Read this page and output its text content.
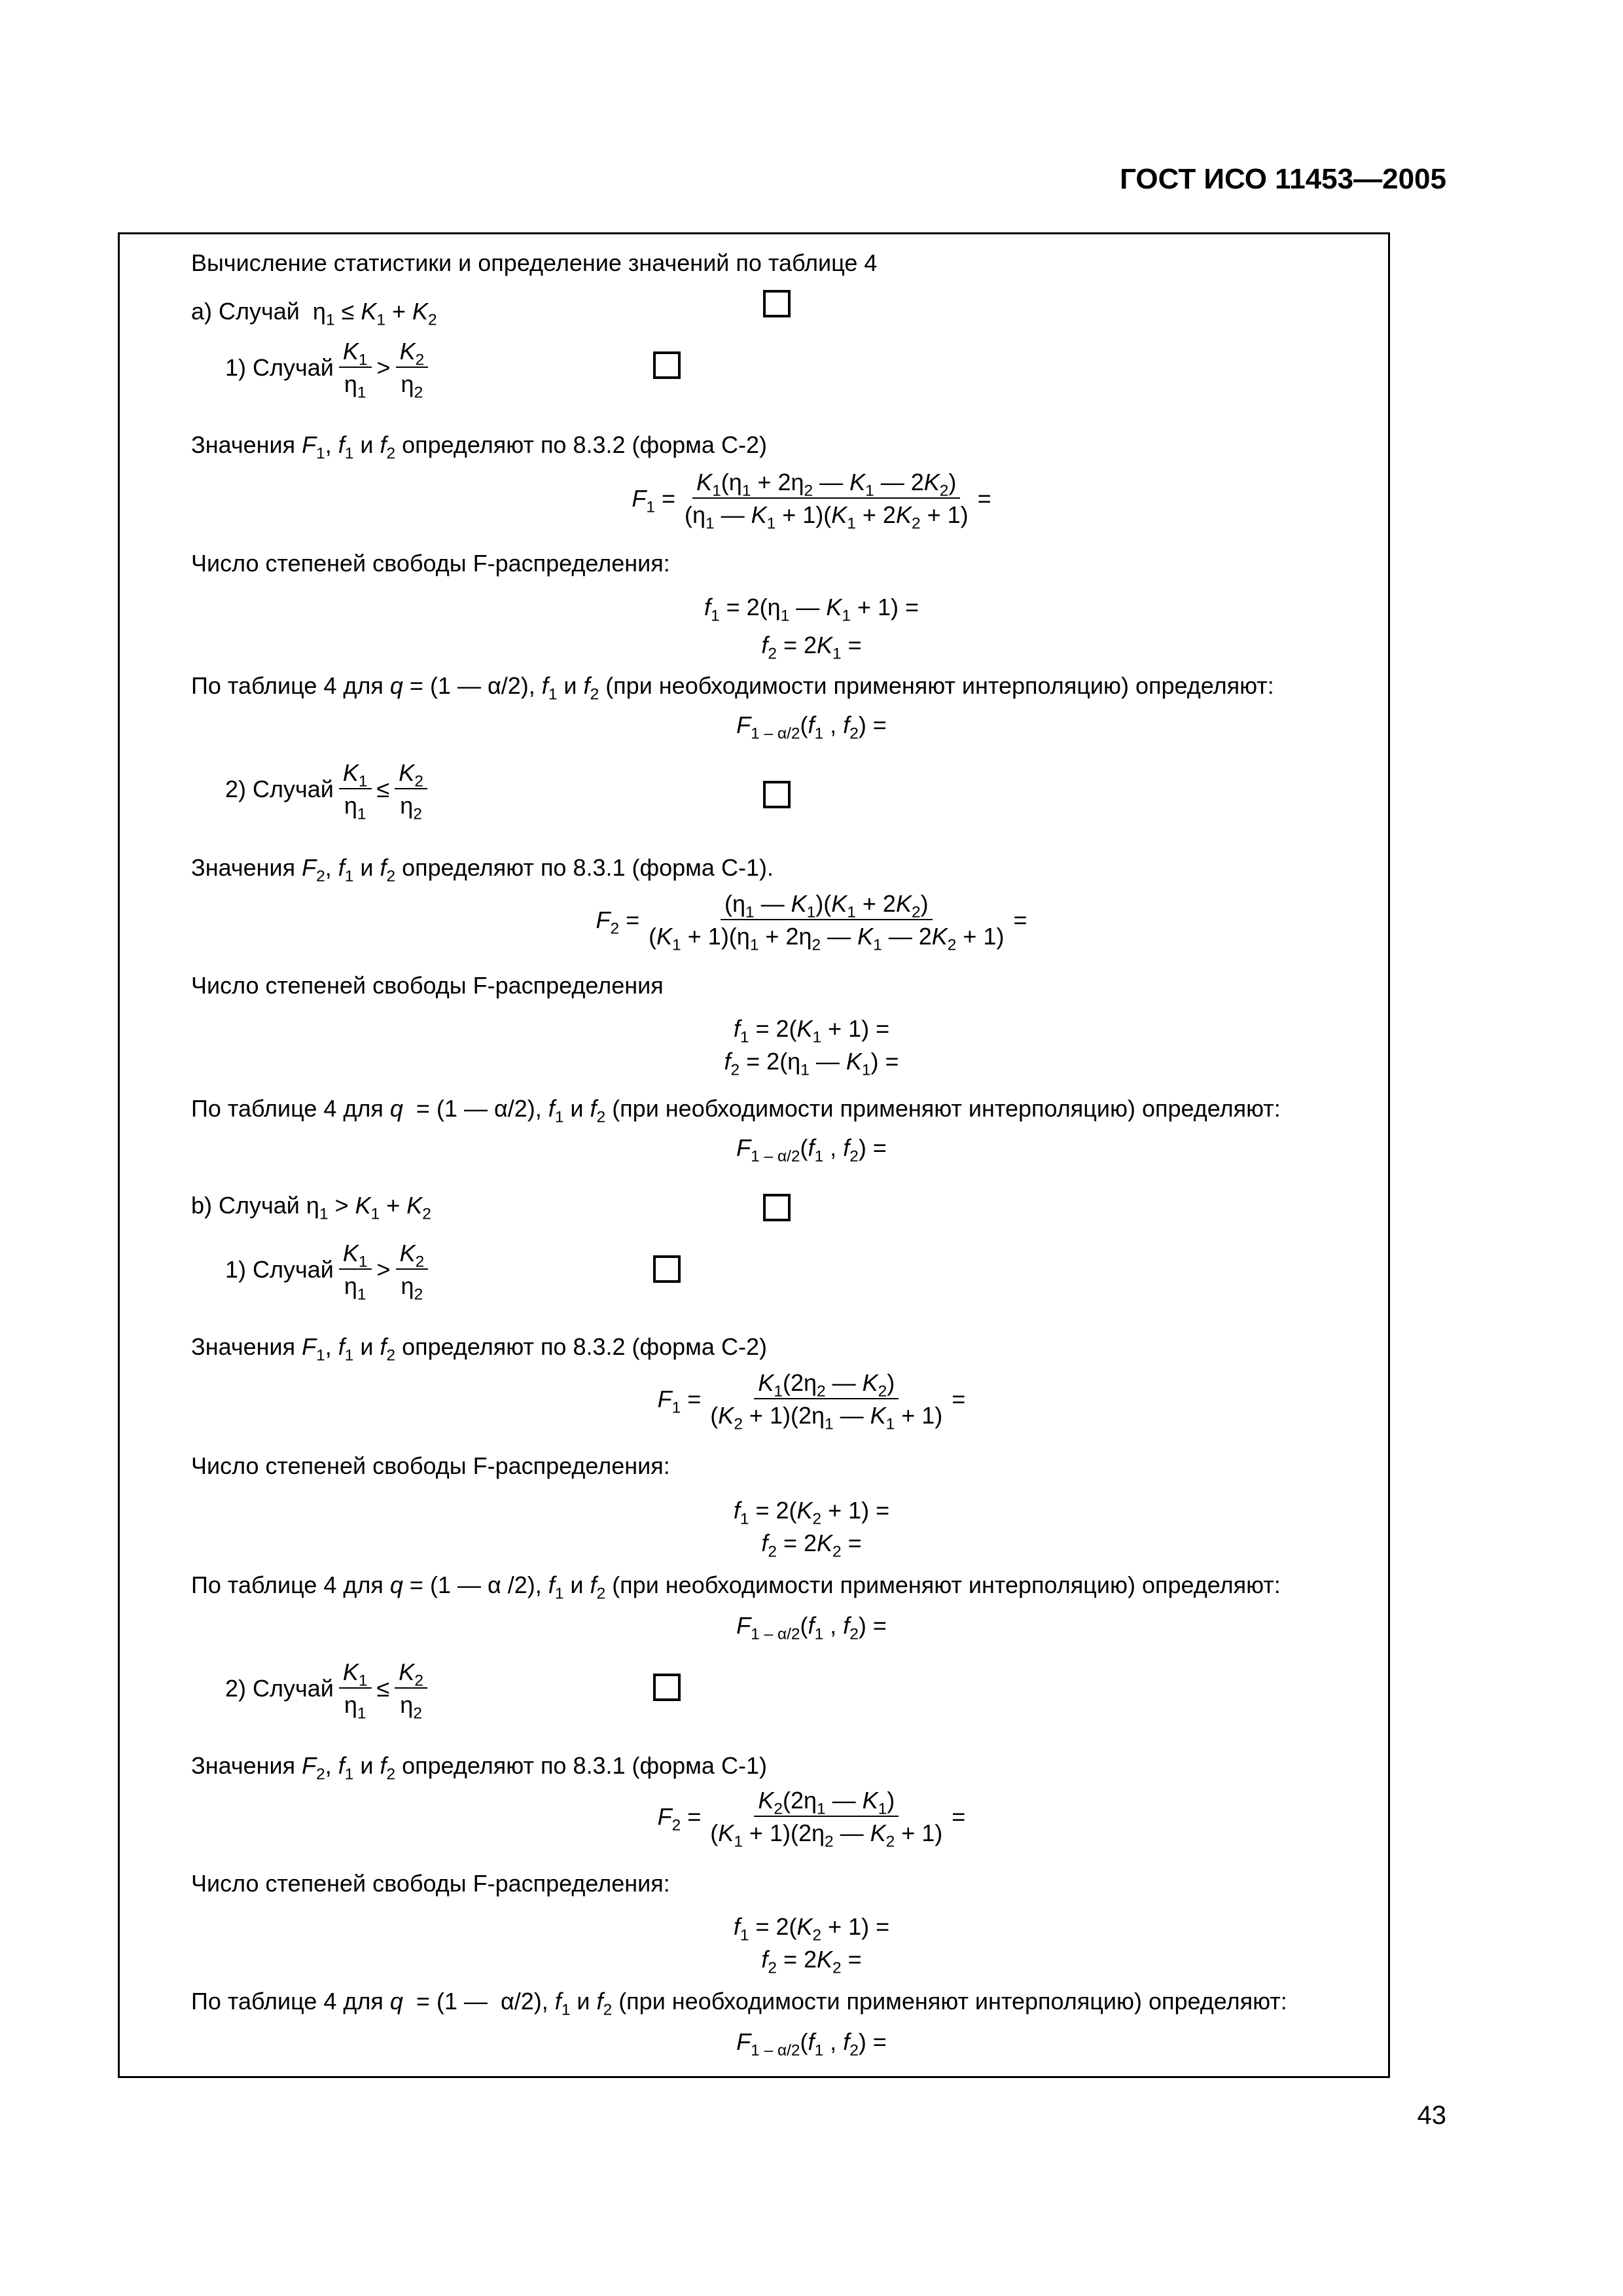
ГОСТ ИСО 11453—2005
Вычисление статистики и определение значений по таблице 4
a) Случай $\eta_1 \le K_1 + K_2$
1) Случай $\frac{K_1}{\eta_1} > \frac{K_2}{\eta_2}$
Значения $F_1$, $f_1$ и $f_2$ определяют по 8.3.2 (форма С-2)
$F_1 = \frac{K_1(\eta_1 + 2\eta_2 — K_1 — 2K_2)}{(\eta_1 — K_1 + 1)(K_1 + 2K_2 + 1)}$ =
Число степеней свободы F-распределения:
$f_1 = 2(\eta_1$ — $K_1 + 1$) =
$f_2 = 2K_1$ =
По таблице 4 для q = (1 — α/2), $f_1$ и $f_2$ (при необходимости применяют интерполяцию) определяют:
$F_{1 - \alpha/2}(f_1$ , $f_2$) =
2) Случай $\frac{K_1}{\eta_1} \le \frac{K_2}{\eta_2}$
Значения $F_2$, $f_1$ и $f_2$ определяют по 8.3.1 (форма С-1).
$F_2 = \frac{(\eta_1 — K_1)(K_1 + 2K_2)}{(K_1 + 1)(\eta_1 + 2\eta_2 — K_1 — 2K_2 + 1)}$ =
Число степеней свободы F-распределения
$f_1 = 2(K_1 + 1)$ =
$f_2 = 2(\eta_1$ — $K_1$) =
По таблице 4 для q  = (1 — α/2), $f_1$ и $f_2$ (при необходимости применяют интерполяцию) определяют:
$F_{1 - \alpha/2}(f_1$ , $f_2$) =
b) Случай $\eta_1 > K_1 + K_2$
1) Случай $\frac{K_1}{\eta_1} > \frac{K_2}{\eta_2}$
Значения $F_1$, $f_1$ и $f_2$ определяют по 8.3.2 (форма С-2)
$F_1 = \frac{K_1(2\eta_2 — K_2)}{(K_2 + 1)(2\eta_1 — K_1 + 1)}$ =
Число степеней свободы F-распределения:
$f_1 = 2(K_2 + 1)$ =
$f_2 = 2K_2$ =
По таблице 4 для q = (1 — α /2), $f_1$ и $f_2$ (при необходимости применяют интерполяцию) определяют:
$F_{1 - \alpha/2}(f_1$ , $f_2$) =
2) Случай $\frac{K_1}{\eta_1} \le \frac{K_2}{\eta_2}$
Значения $F_2$, $f_1$ и $f_2$ определяют по 8.3.1 (форма С-1)
$F_2 = \frac{K_2(2\eta_1 — K_1)}{(K_1 + 1)(2\eta_2 — K_2 + 1)}$ =
Число степеней свободы F-распределения:
$f_1 = 2(K_2 + 1)$ =
$f_2 = 2K_2$ =
По таблице 4 для q  = (1 —  α/2), $f_1$ и $f_2$ (при необходимости применяют интерполяцию) определяют:
$F_{1 - \alpha/2}(f_1$ , $f_2$) =
43
